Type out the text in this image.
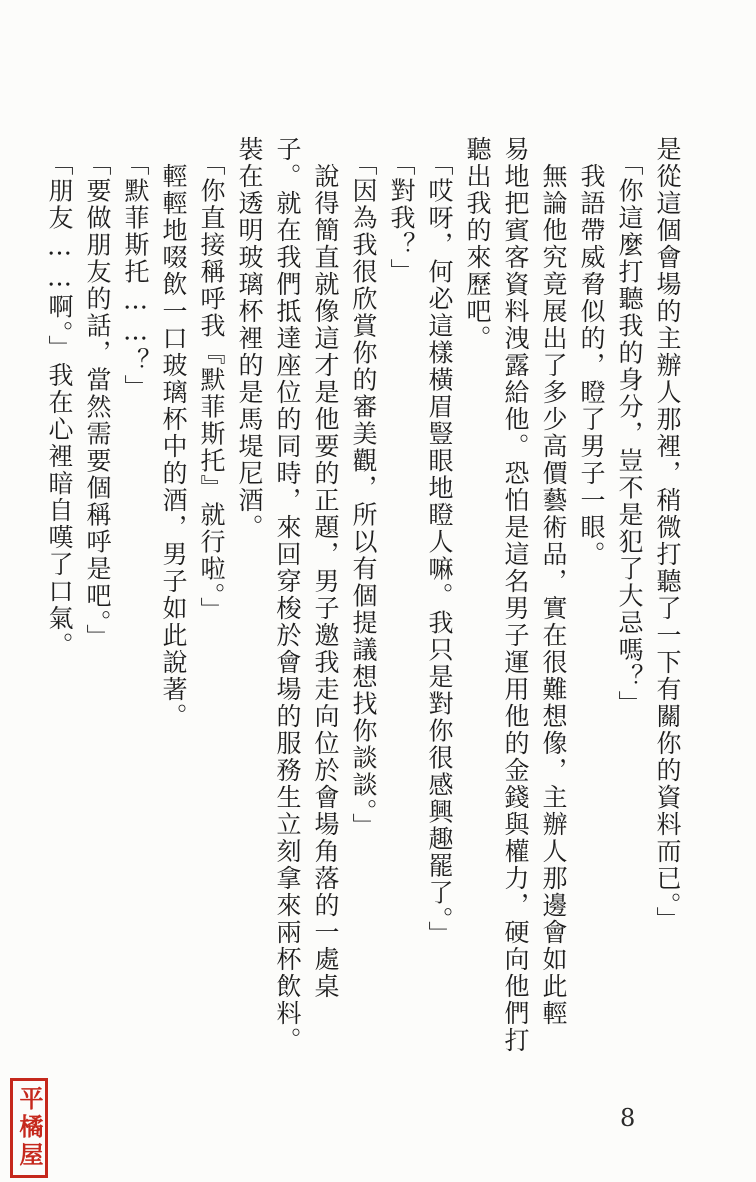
是從這個會場的主辦人那裡，稍微打聽了一下有關你的資料而已。」
　「你這麼打聽我的身分，豈不是犯了大忌嗎？」
　我語帶威脅似的，瞪了男子一眼。
　無論他究竟展出了多少高價藝術品，實在很難想像，主辦人那邊會如此輕
易地把賓客資料洩露給他。恐怕是這名男子運用他的金錢與權力，硬向他們打
聽出我的來歷吧。
　「哎呀，何必這樣橫眉豎眼地瞪人嘛。我只是對你很感興趣罷了。」
　「對我？」
　「因為我很欣賞你的審美觀，所以有個提議想找你談談。」
　說得簡直就像這才是他要的正題，男子邀我走向位於會場角落的一處桌
子。就在我們抵達座位的同時，來回穿梭於會場的服務生立刻拿來兩杯飲料。
裝在透明玻璃杯裡的是馬堤尼酒。
　「你直接稱呼我『默菲斯托』就行啦。」
　輕輕地啜飲一口玻璃杯中的酒，男子如此說著。
　「默菲斯托……？」
　「要做朋友的話，當然需要個稱呼是吧。」
　「朋友……啊。」我在心裡暗自嘆了口氣。
8
平橘屋
